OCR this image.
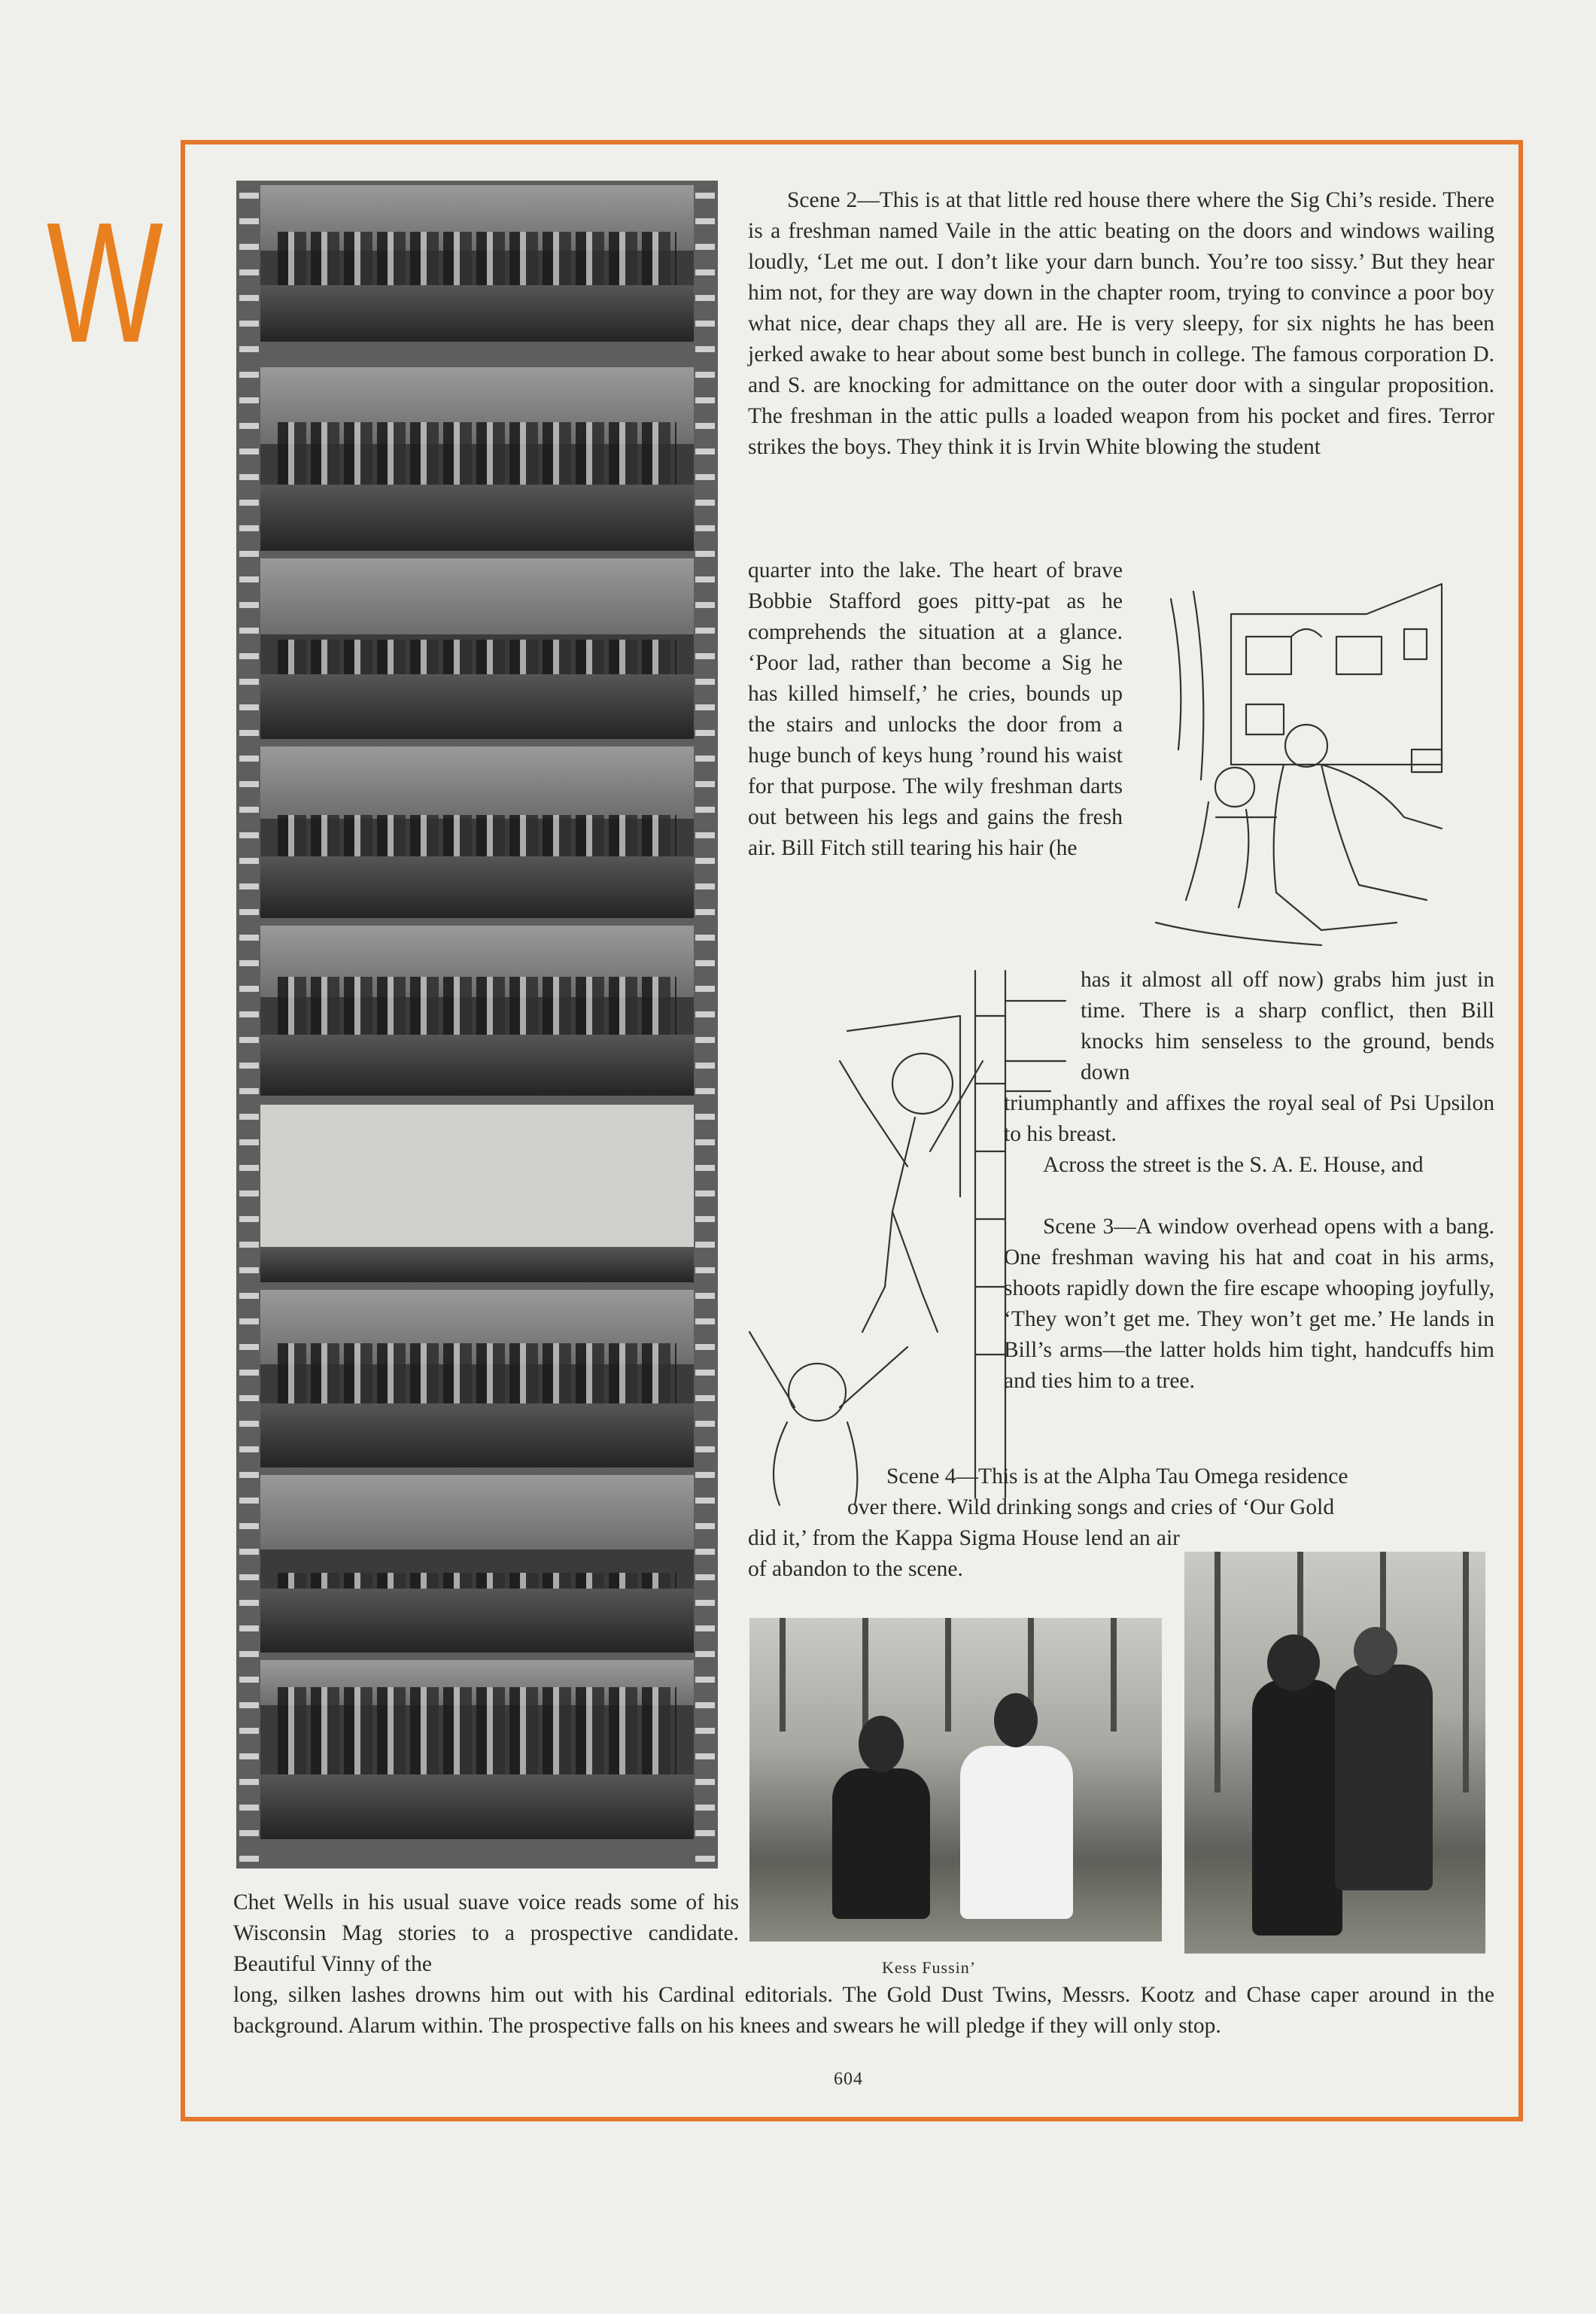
W	Scene 2—This is at that little red house there where the Sig Chi’s reside. There is a freshman named Vaile in the attic beating on the doors and windows wailing loudly, ‘Let me out. I don’t like your darn bunch. You’re too sissy.’ But they hear him not, for they are way down in the chapter room, trying to convince a poor boy what nice, dear chaps they all are. He is very sleepy, for six nights he has been jerked awake to hear about some best bunch in college. The famous corporation D. and S. are knocking for admittance on the outer door with a singular proposition. The freshman in the attic pulls a loaded weapon from his pocket and fires. Terror strikes the boys. They think it is Irvin White blowing the student

quarter into the lake. The heart of brave Bobbie Stafford goes pitty-pat as he comprehends the situation at a glance. ‘Poor lad, rather than become a Sig he has killed himself,’ he cries, bounds up the stairs and unlocks the door from a huge bunch of keys hung ’round his waist for that purpose. The wily freshman darts out between his legs and gains the fresh air. Bill Fitch still tearing his hair (he

has it almost all off now) grabs him just in time. There is a sharp conflict, then Bill knocks him senseless to the ground, bends down

triumphantly and affixes the royal seal of Psi Upsilon to his breast.

Across the street is the S. A. E. House, and

Scene 3—A window overhead opens with a bang. One freshman waving his hat and coat in his arms, shoots rapidly down the fire escape whooping joyfully, ‘They won’t get me. They won’t get me.’ He lands in Bill’s arms—the latter holds him tight, handcuffs him and ties him to a tree.

Scene 4—This is at the Alpha Tau Omega residence

over there. Wild drinking songs and cries of ‘Our Gold

did it,’ from the Kappa Sigma House lend an air of abandon to the scene.

Kess Fussin’

Chet Wells in his usual suave voice reads some of his Wisconsin Mag stories to a prospective candidate. Beautiful Vinny of the

long, silken lashes drowns him out with his Cardinal editorials. The Gold Dust Twins, Messrs. Kootz and Chase caper around in the background. Alarum within. The prospective falls on his knees and swears he will pledge if they will only stop.

604
